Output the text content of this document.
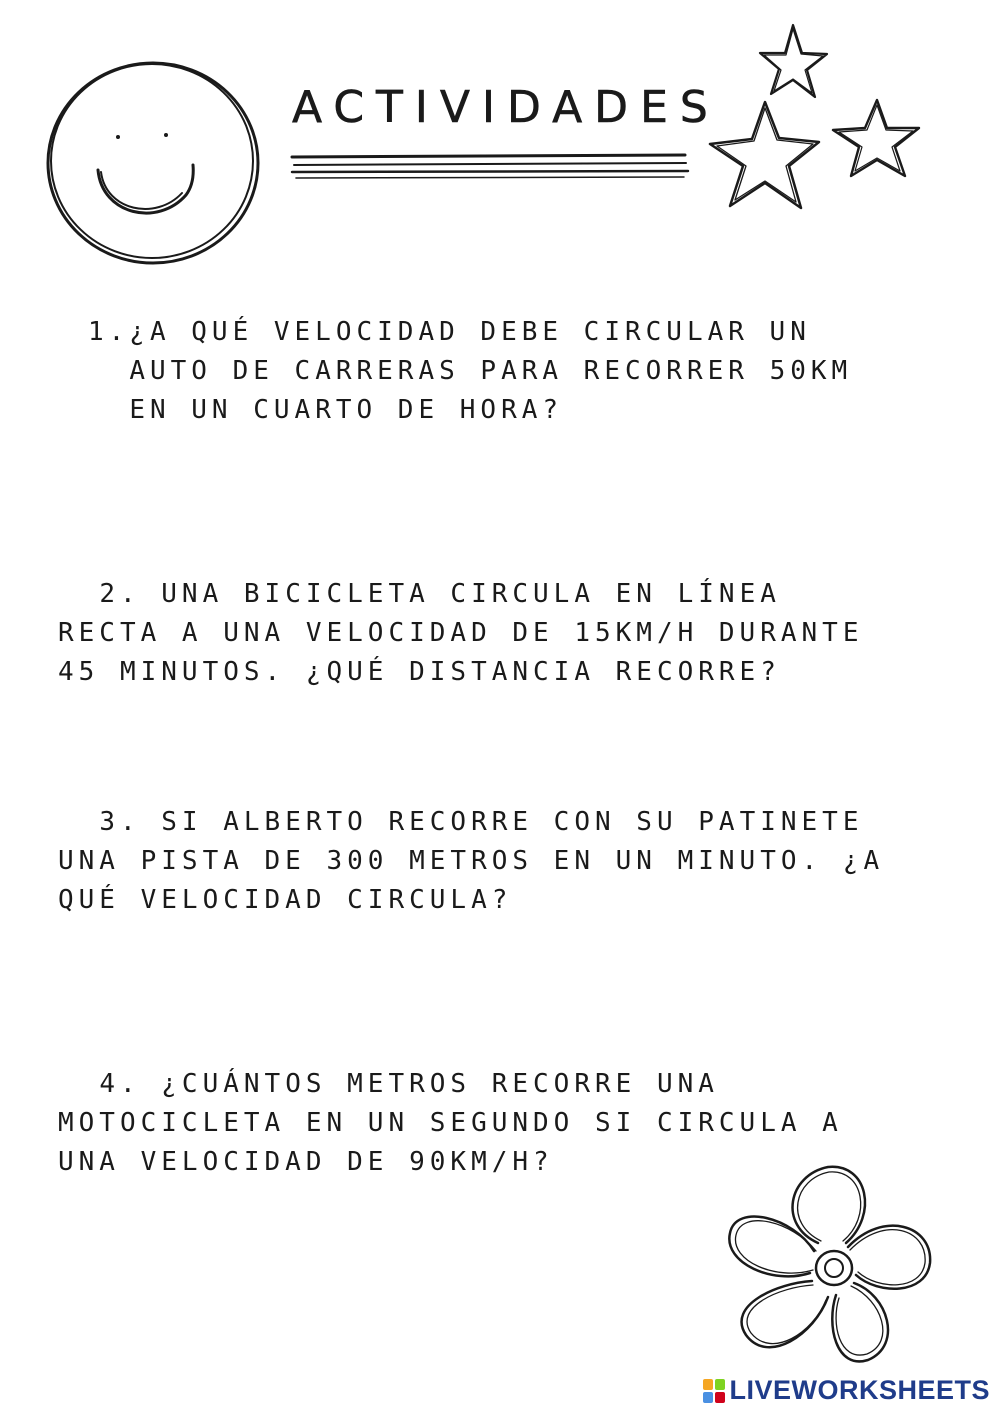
ACTIVIDADES

1.¿A QUÉ VELOCIDAD DEBE CIRCULAR UN
AUTO DE CARRERAS PARA RECORRER 50KM
EN UN CUARTO DE HORA?

2. UNA BICICLETA CIRCULA EN LÍNEA
RECTA A UNA VELOCIDAD DE 15KM/H DURANTE
45 MINUTOS. ¿QUÉ DISTANCIA RECORRE?

3. SI ALBERTO RECORRE CON SU PATINETE
UNA PISTA DE 300 METROS EN UN MINUTO. ¿A
QUÉ VELOCIDAD CIRCULA?

4. ¿CUÁNTOS METROS RECORRE UNA
MOTOCICLETA EN UN SEGUNDO SI CIRCULA A
UNA VELOCIDAD DE 90KM/H?

LIVEWORKSHEETS
